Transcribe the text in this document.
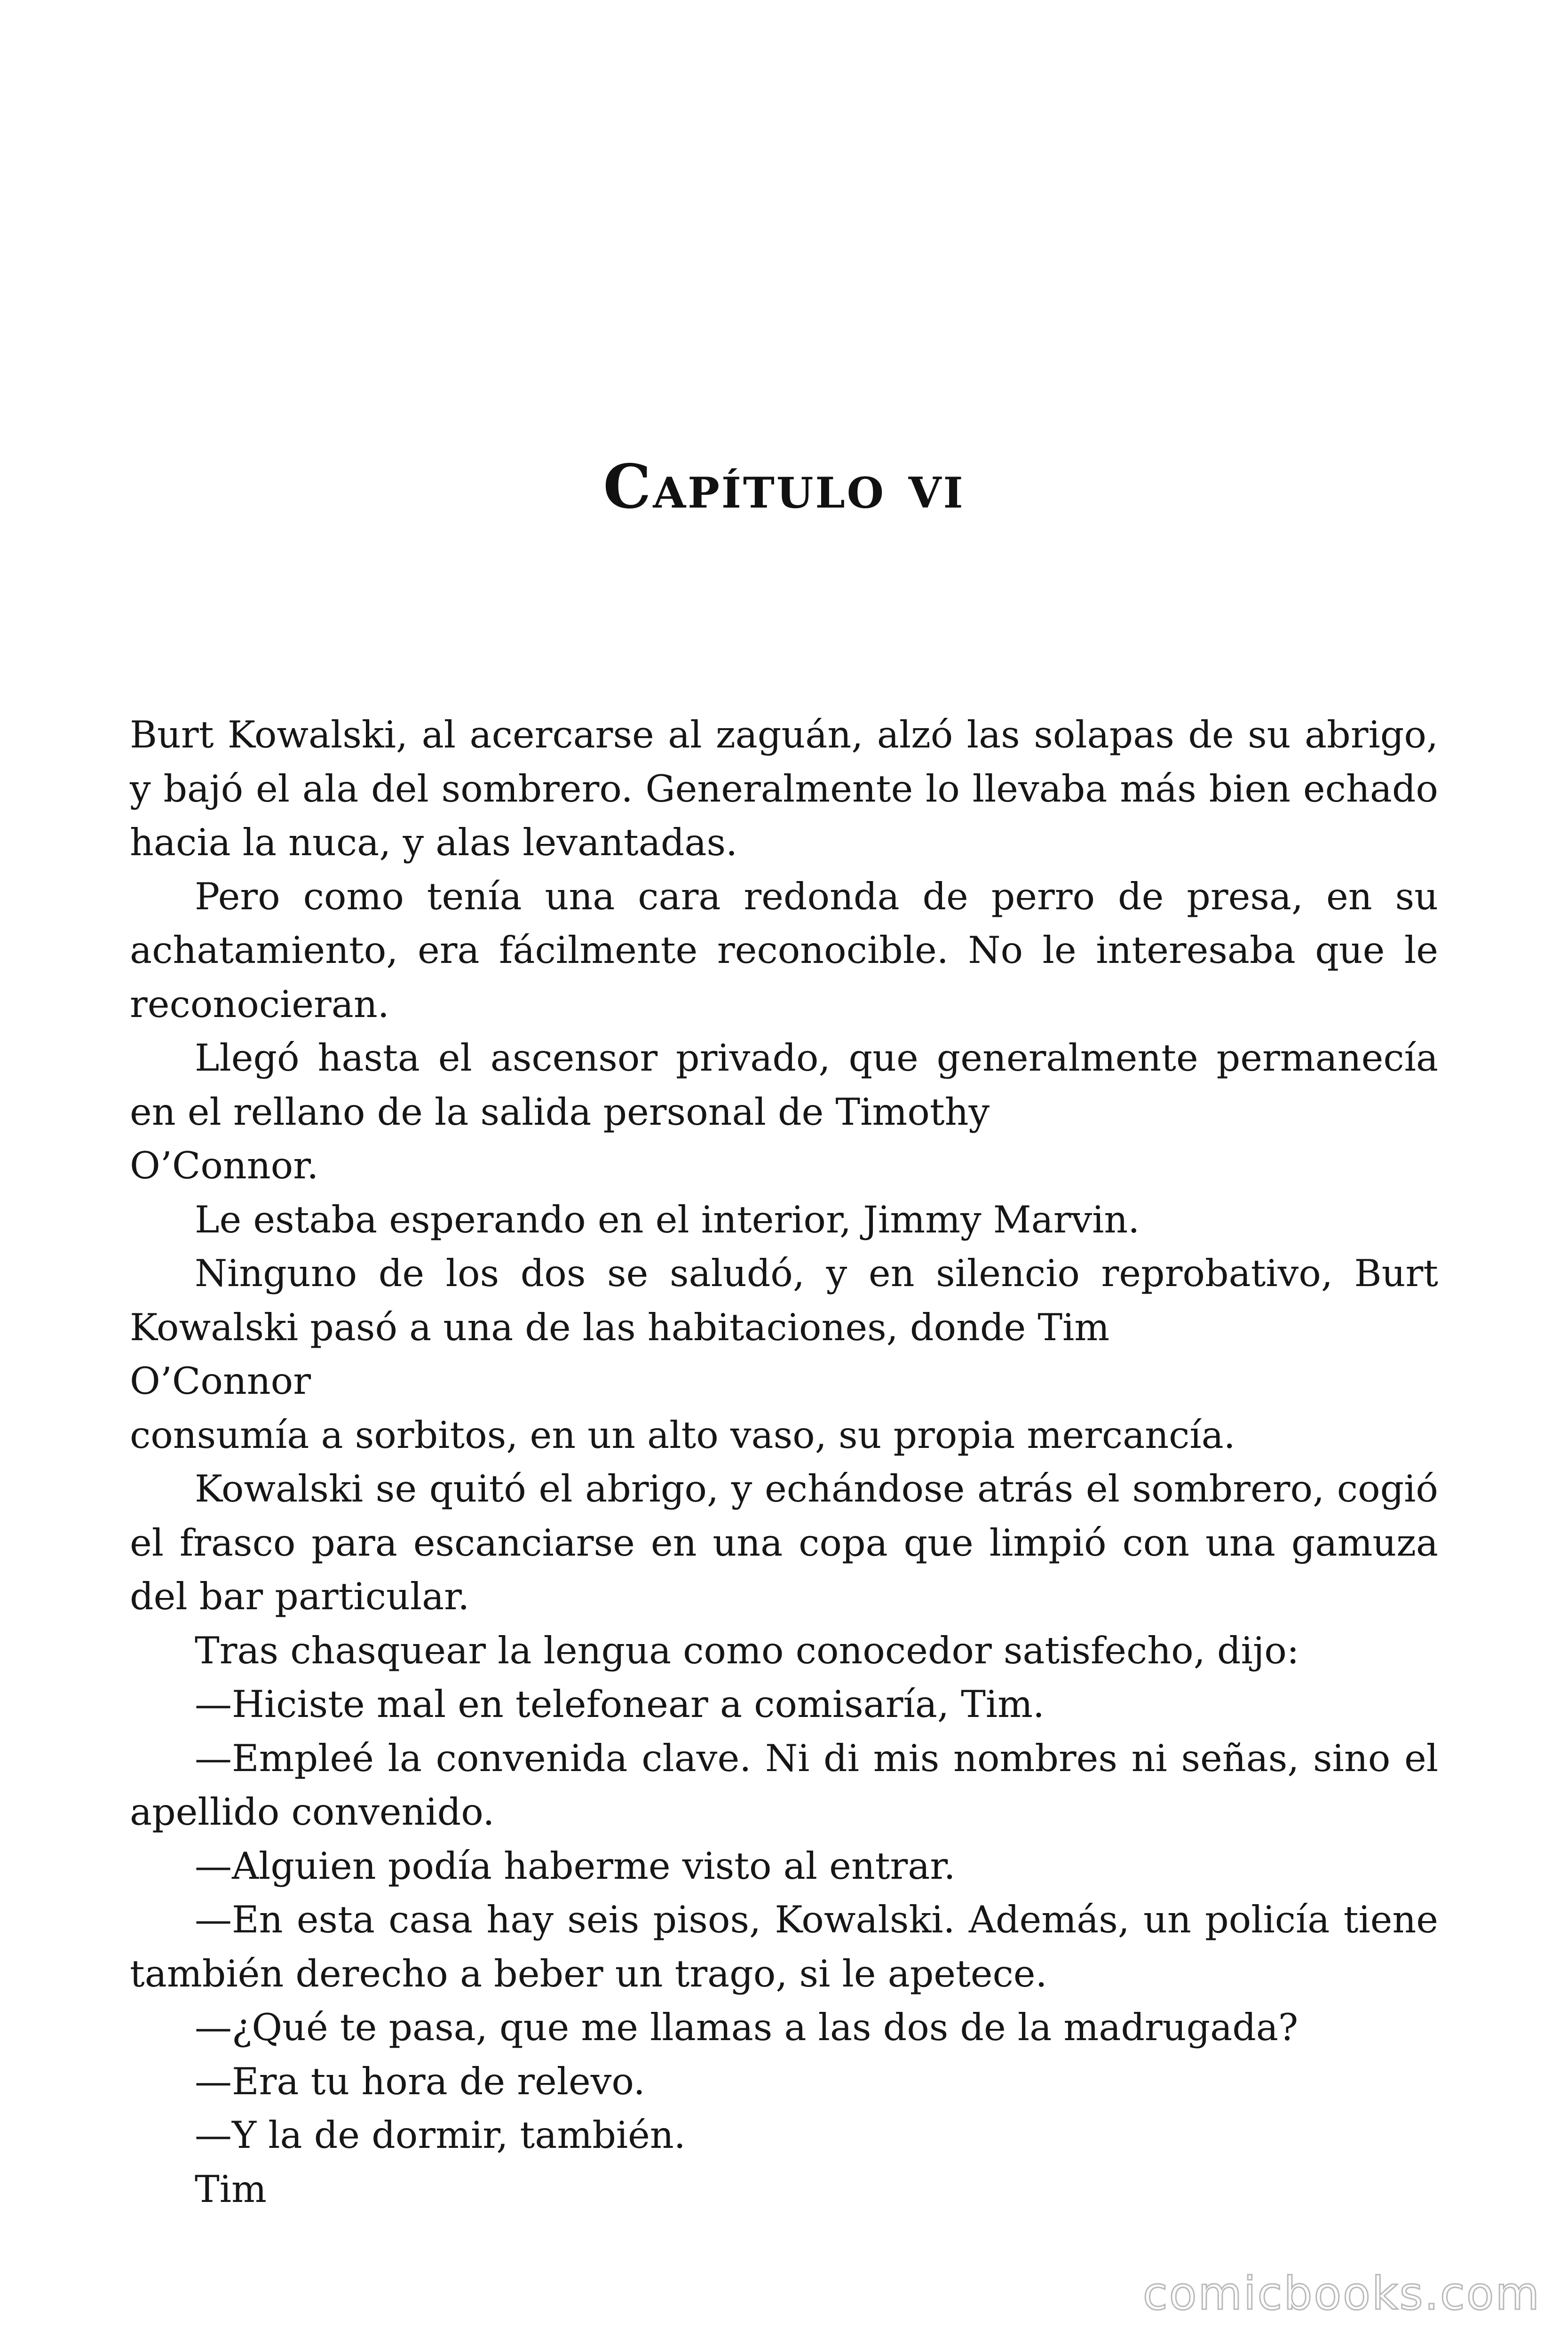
Capítulo vi

Burt Kowalski, al acercarse al zaguán, alzó las solapas de su abrigo, y bajó el ala del sombrero. Generalmente lo llevaba más bien echado hacia la nuca, y alas levantadas.

Pero como tenía una cara redonda de perro de presa, en su achatamiento, era fácilmente reconocible. No le interesaba que le reconocieran.

Llegó hasta el ascensor privado, que generalmente permanecía en el rellano de la salida personal de Timothy

O’Connor.

Le estaba esperando en el interior, Jimmy Marvin.

Ninguno de los dos se saludó, y en silencio reprobativo, Burt Kowalski pasó a una de las habitaciones, donde Tim

O’Connor

consumía a sorbitos, en un alto vaso, su propia mercancía.

Kowalski se quitó el abrigo, y echándose atrás el sombrero, cogió el frasco para escanciarse en una copa que limpió con una gamuza del bar particular.

Tras chasquear la lengua como conocedor satisfecho, dijo:

—Hiciste mal en telefonear a comisaría, Tim.

—Empleé la convenida clave. Ni di mis nombres ni señas, sino el apellido convenido.

—Alguien podía haberme visto al entrar.

—En esta casa hay seis pisos, Kowalski. Además, un policía tiene también derecho a beber un trago, si le apetece.

—¿Qué te pasa, que me llamas a las dos de la madrugada?

—Era tu hora de relevo.

—Y la de dormir, también.

Tim

comicbooks.com
